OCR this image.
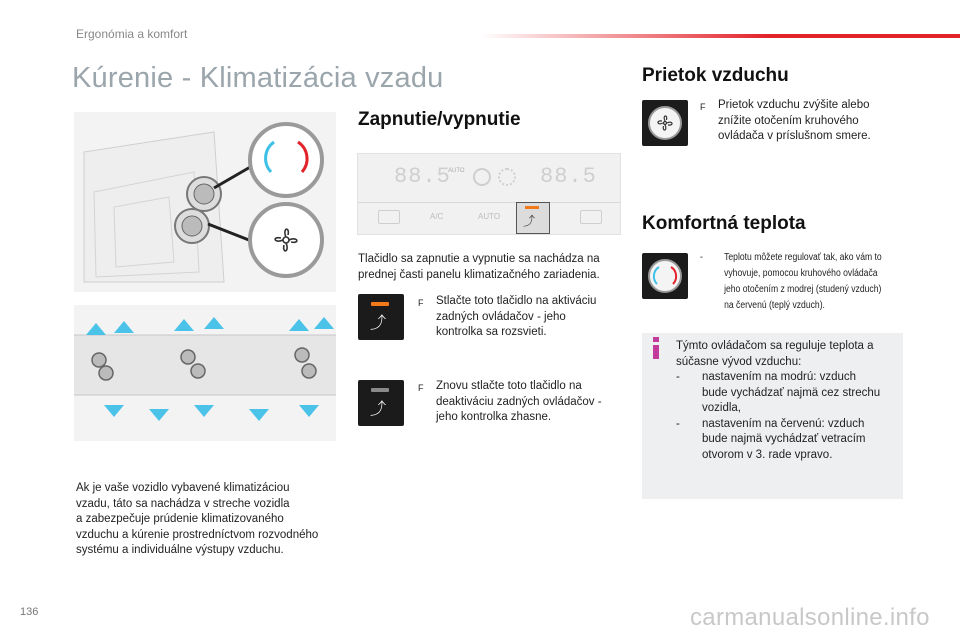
Ergonómia a komfort
Kúrenie - Klimatizácia vzadu
Ak je vaše vozidlo vybavené klimatizáciou
vzadu, táto sa nachádza v streche vozidla
a zabezpečuje prúdenie klimatizovaného
vzduchu a kúrenie prostredníctvom rozvodného
systému a individuálne výstupy vzduchu.
Zapnutie/vypnutie
88.5
AUTO	88.5
A/C	AUTO ⤴
Tlačidlo sa zapnutie a vypnutie sa nachádza na
prednej časti panelu klimatizačného zariadenia.
⤴
F Stlačte toto tlačidlo na aktiváciu
zadných ovládačov - jeho
kontrolka sa rozsvieti.
⤴
F Znovu stlačte toto tlačidlo na
deaktiváciu zadných ovládačov -
jeho kontrolka zhasne.
Prietok vzduchu
F Prietok vzduchu zvýšite alebo
znížite otočením kruhového
ovládača v príslušnom smere.
Komfortná teplota
-	Teplotu môžete regulovať tak, ako vám to
vyhovuje, pomocou kruhového ovládača
jeho otočením z modrej (studený vzduch)
na červenú (teplý vzduch).
Týmto ovládačom sa reguluje teplota a
súčasne vývod vzduchu:
-	nastavením na modrú: vzduch
bude vychádzať najmä cez strechu
vozidla,
-	nastavením na červenú: vzduch
bude najmä vychádzať vetracím
otvorom v 3. rade vpravo.
136	carmanualsonline.info
